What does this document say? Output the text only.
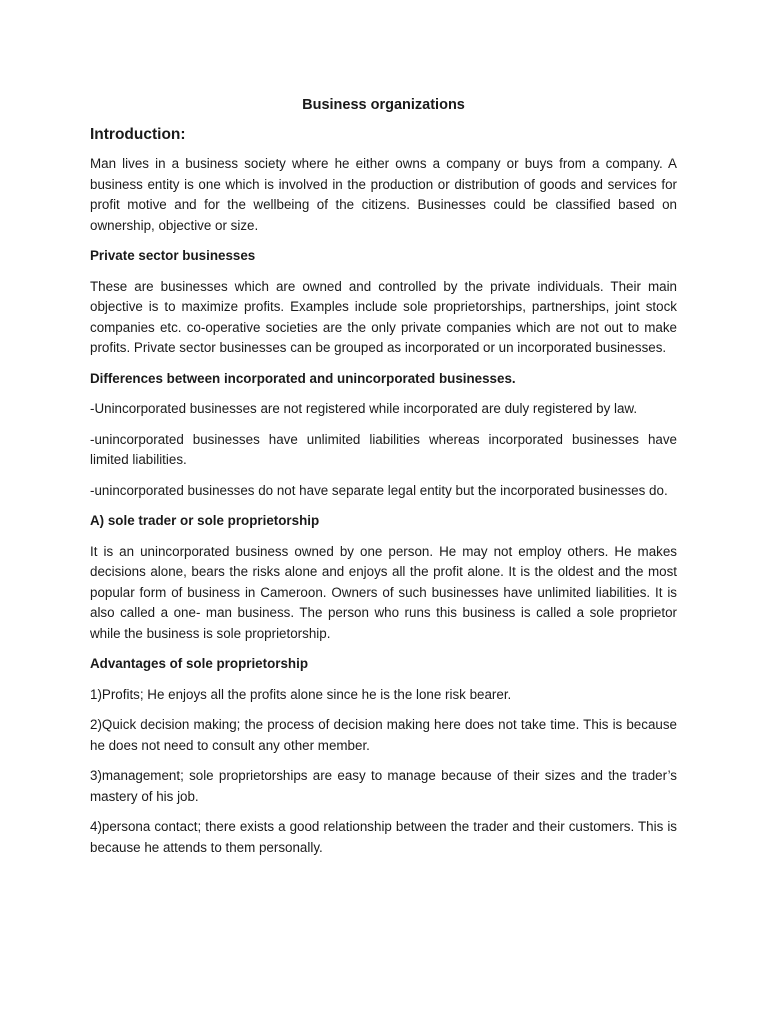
Business organizations
Introduction:

Man lives in a business society where he either owns a company or buys from a company. A business entity is one which is involved in the production or distribution of goods and services for profit motive and for the wellbeing of the citizens. Businesses could be classified based on ownership, objective or size.

Private sector businesses

These are businesses which are owned and controlled by the private individuals. Their main objective is to maximize profits. Examples include sole proprietorships, partnerships, joint stock companies etc. co-operative societies are the only private companies which are not out to make profits. Private sector businesses can be grouped as incorporated or un incorporated businesses.

Differences between incorporated and unincorporated businesses.

-Unincorporated businesses are not registered while incorporated are duly registered by law.

-unincorporated businesses have unlimited liabilities whereas incorporated businesses have limited liabilities.

-unincorporated businesses do not have separate legal entity but the incorporated businesses do.

A) sole trader or sole proprietorship

It is an unincorporated business owned by one person. He may not employ others. He makes decisions alone, bears the risks alone and enjoys all the profit alone. It is the oldest and the most popular form of business in Cameroon. Owners of such businesses have unlimited liabilities. It is also called a one- man business. The person who runs this business is called a sole proprietor while the business is sole proprietorship.

Advantages of sole proprietorship

1)Profits; He enjoys all the profits alone since he is the lone risk bearer.

2)Quick decision making; the process of decision making here does not take time. This is because he does not need to consult any other member.

3)management; sole proprietorships are easy to manage because of their sizes and the trader’s mastery of his job.

4)persona contact; there exists a good relationship between the trader and their customers. This is because he attends to them personally.
